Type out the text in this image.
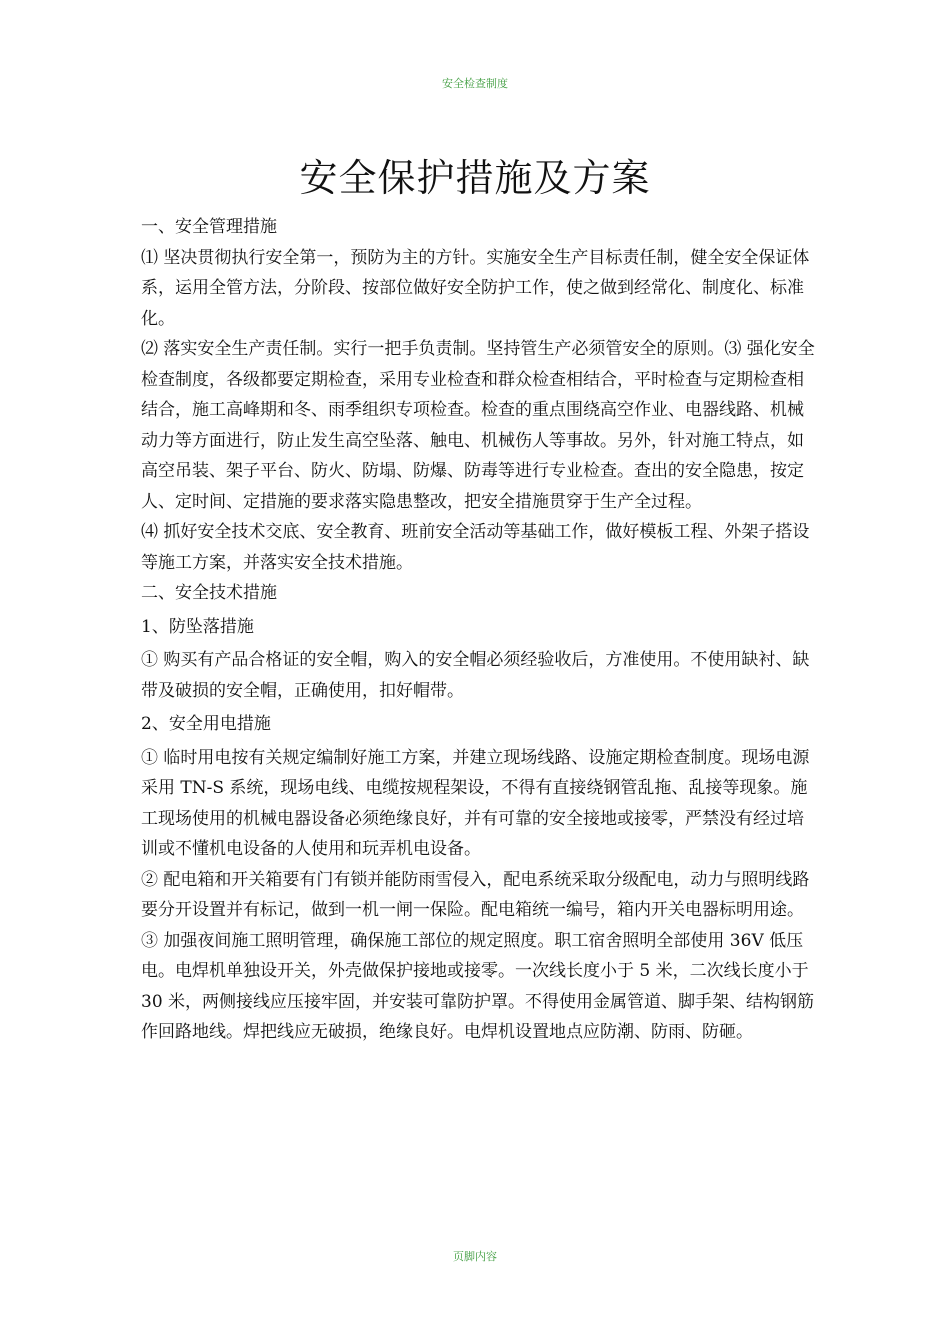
安全检查制度
安全保护措施及方案

一、安全管理措施

⑴ 坚决贯彻执行安全第一，预防为主的方针。实施安全生产目标责任制，健全安全保证体系，运用全管方法，分阶段、按部位做好安全防护工作，使之做到经常化、制度化、标准化。

⑵ 落实安全生产责任制。实行一把手负责制。坚持管生产必须管安全的原则。⑶ 强化安全检查制度，各级都要定期检查，采用专业检查和群众检查相结合，平时检查与定期检查相结合，施工高峰期和冬、雨季组织专项检查。检查的重点围绕高空作业、电器线路、机械动力等方面进行，防止发生高空坠落、触电、机械伤人等事故。另外，针对施工特点，如高空吊装、架子平台、防火、防塌、防爆、防毒等进行专业检查。查出的安全隐患，按定人、定时间、定措施的要求落实隐患整改，把安全措施贯穿于生产全过程。

⑷ 抓好安全技术交底、安全教育、班前安全活动等基础工作，做好模板工程、外架子搭设等施工方案，并落实安全技术措施。

二、安全技术措施

1、防坠落措施

① 购买有产品合格证的安全帽，购入的安全帽必须经验收后，方准使用。不使用缺衬、缺带及破损的安全帽，正确使用，扣好帽带。

2、安全用电措施

① 临时用电按有关规定编制好施工方案，并建立现场线路、设施定期检查制度。现场电源采用 TN-S 系统，现场电线、电缆按规程架设，不得有直接绕钢管乱拖、乱接等现象。施工现场使用的机械电器设备必须绝缘良好，并有可靠的安全接地或接零，严禁没有经过培训或不懂机电设备的人使用和玩弄机电设备。

② 配电箱和开关箱要有门有锁并能防雨雪侵入，配电系统采取分级配电，动力与照明线路要分开设置并有标记，做到一机一闸一保险。配电箱统一编号，箱内开关电器标明用途。

③ 加强夜间施工照明管理，确保施工部位的规定照度。职工宿舍照明全部使用 36V 低压电。电焊机单独设开关，外壳做保护接地或接零。一次线长度小于 5 米，二次线长度小于 30 米，两侧接线应压接牢固，并安装可靠防护罩。不得使用金属管道、脚手架、结构钢筋作回路地线。焊把线应无破损，绝缘良好。电焊机设置地点应防潮、防雨、防砸。

页脚内容
